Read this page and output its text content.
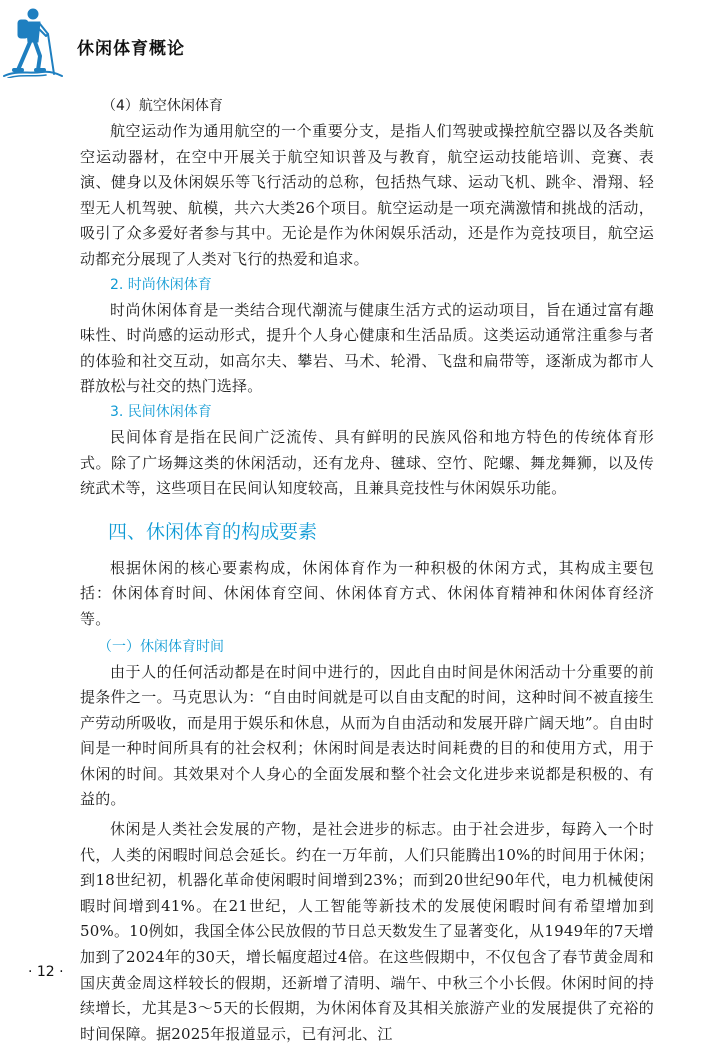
休闲体育概论
（4）航空休闲体育

航空运动作为通用航空的一个重要分支，是指人们驾驶或操控航空器以及各类航空运动器材，在空中开展关于航空知识普及与教育，航空运动技能培训、竞赛、表演、健身以及休闲娱乐等飞行活动的总称，包括热气球、运动飞机、跳伞、滑翔、轻型无人机驾驶、航模，共六大类26个项目。航空运动是一项充满激情和挑战的活动，吸引了众多爱好者参与其中。无论是作为休闲娱乐活动，还是作为竞技项目，航空运动都充分展现了人类对飞行的热爱和追求。

2. 时尚休闲体育

时尚休闲体育是一类结合现代潮流与健康生活方式的运动项目，旨在通过富有趣味性、时尚感的运动形式，提升个人身心健康和生活品质。这类运动通常注重参与者的体验和社交互动，如高尔夫、攀岩、马术、轮滑、飞盘和扁带等，逐渐成为都市人群放松与社交的热门选择。

3. 民间休闲体育

民间体育是指在民间广泛流传、具有鲜明的民族风俗和地方特色的传统体育形式。除了广场舞这类的休闲活动，还有龙舟、毽球、空竹、陀螺、舞龙舞狮，以及传统武术等，这些项目在民间认知度较高，且兼具竞技性与休闲娱乐功能。

四、休闲体育的构成要素

根据休闲的核心要素构成，休闲体育作为一种积极的休闲方式，其构成主要包括：休闲体育时间、休闲体育空间、休闲体育方式、休闲体育精神和休闲体育经济等。

（一）休闲体育时间

由于人的任何活动都是在时间中进行的，因此自由时间是休闲活动十分重要的前提条件之一。马克思认为：“自由时间就是可以自由支配的时间，这种时间不被直接生产劳动所吸收，而是用于娱乐和休息，从而为自由活动和发展开辟广阔天地”。自由时间是一种时间所具有的社会权利；休闲时间是表达时间耗费的目的和使用方式，用于休闲的时间。其效果对个人身心的全面发展和整个社会文化进步来说都是积极的、有益的。

休闲是人类社会发展的产物，是社会进步的标志。由于社会进步，每跨入一个时代，人类的闲暇时间总会延长。约在一万年前，人们只能腾出10%的时间用于休闲；到18世纪初，机器化革命使闲暇时间增到23%；而到20世纪90年代，电力机械使闲暇时间增到41%。在21世纪，人工智能等新技术的发展使闲暇时间有希望增加到50%。10例如，我国全体公民放假的节日总天数发生了显著变化，从1949年的7天增加到了2024年的30天，增长幅度超过4倍。在这些假期中，不仅包含了春节黄金周和国庆黄金周这样较长的假期，还新增了清明、端午、中秋三个小长假。休闲时间的持续增长，尤其是3～5天的长假期，为休闲体育及其相关旅游产业的发展提供了充裕的时间保障。据2025年报道显示，已有河北、江

· 12 ·
